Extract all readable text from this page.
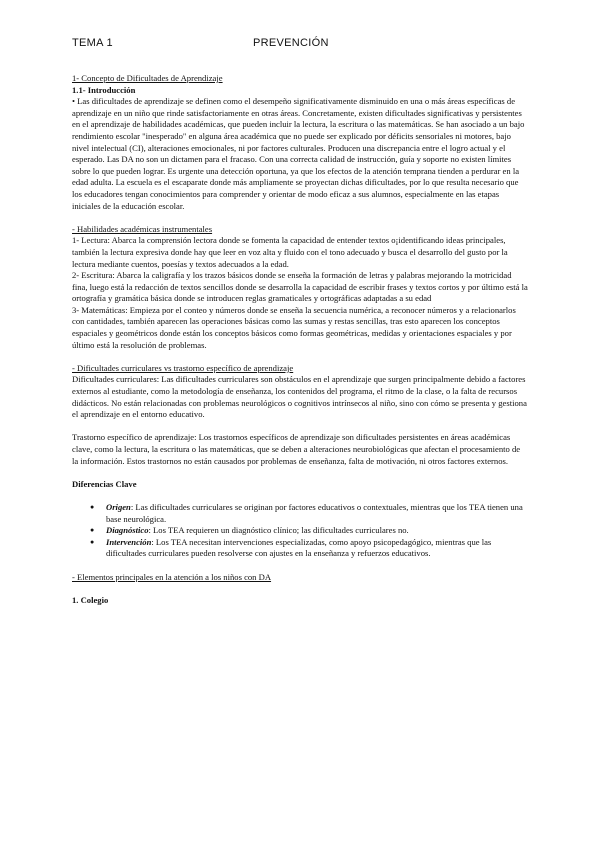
TEMA 1	PREVENCIÓN

1- Concepto de Dificultades de Aprendizaje

1.1- Introducción

• Las dificultades de aprendizaje se definen como el desempeño significativamente disminuido en una o más áreas específicas de aprendizaje en un niño que rinde satisfactoriamente en otras áreas. Concretamente, existen dificultades significativas y persistentes en el aprendizaje de habilidades académicas, que pueden incluir la lectura, la escritura o las matemáticas. Se han asociado a un bajo rendimiento escolar "inesperado" en alguna área académica que no puede ser explicado por déficits sensoriales ni motores, bajo nivel intelectual (CI), alteraciones emocionales, ni por factores culturales. Producen una discrepancia entre el logro actual y el esperado. Las DA no son un dictamen para el fracaso. Con una correcta calidad de instrucción, guía y soporte no existen límites sobre lo que pueden lograr. Es urgente una detección oportuna, ya que los efectos de la atención temprana tienden a perdurar en la edad adulta. La escuela es el escaparate donde más ampliamente se proyectan dichas dificultades, por lo que resulta necesario que los educadores tengan conocimientos para comprender y orientar de modo eficaz a sus alumnos, especialmente en las etapas iniciales de la educación escolar.

- Habilidades académicas instrumentales

1- Lectura: Abarca la comprensión lectora donde se fomenta la capacidad de entender textos o¡identificando ideas principales, también la lectura expresiva donde hay que leer en voz alta y fluido con el tono adecuado y busca el desarrollo del gusto por la lectura mediante cuentos, poesías y textos adecuados a la edad.

2- Escritura: Abarca la caligrafía y los trazos básicos donde se enseña la formación de letras y palabras mejorando la motricidad fina, luego está la redacción de textos sencillos donde se desarrolla la capacidad de escribir frases y textos cortos y por último está la ortografía y gramática básica donde se introducen reglas gramaticales y ortográficas adaptadas a su edad

3- Matemáticas: Empieza por el conteo y números donde se enseña la secuencia numérica, a reconocer números y a relacionarlos con cantidades, también aparecen las operaciones básicas como las sumas y restas sencillas, tras esto aparecen los conceptos espaciales y geométricos donde están los conceptos básicos como formas geométricas, medidas y orientaciones espaciales y por último está la resolución de problemas.

- Dificultades curriculares vs trastorno específico de aprendizaje

Dificultades curriculares: Las dificultades curriculares son obstáculos en el aprendizaje que surgen principalmente debido a factores externos al estudiante, como la metodología de enseñanza, los contenidos del programa, el ritmo de la clase, o la falta de recursos didácticos. No están relacionadas con problemas neurológicos o cognitivos intrínsecos al niño, sino con cómo se presenta y gestiona el aprendizaje en el entorno educativo.

Trastorno específico de aprendizaje: Los trastornos específicos de aprendizaje son dificultades persistentes en áreas académicas clave, como la lectura, la escritura o las matemáticas, que se deben a alteraciones neurobiológicas que afectan el procesamiento de la información. Estos trastornos no están causados por problemas de enseñanza, falta de motivación, ni otros factores externos.

Diferencias Clave

● Origen: Las dificultades curriculares se originan por factores educativos o contextuales, mientras que los TEA tienen una base neurológica.
● Diagnóstico: Los TEA requieren un diagnóstico clínico; las dificultades curriculares no.
● Intervención: Los TEA necesitan intervenciones especializadas, como apoyo psicopedagógico, mientras que las dificultades curriculares pueden resolverse con ajustes en la enseñanza y refuerzos educativos.

- Elementos principales en la atención a los niños con DA

1. Colegio
